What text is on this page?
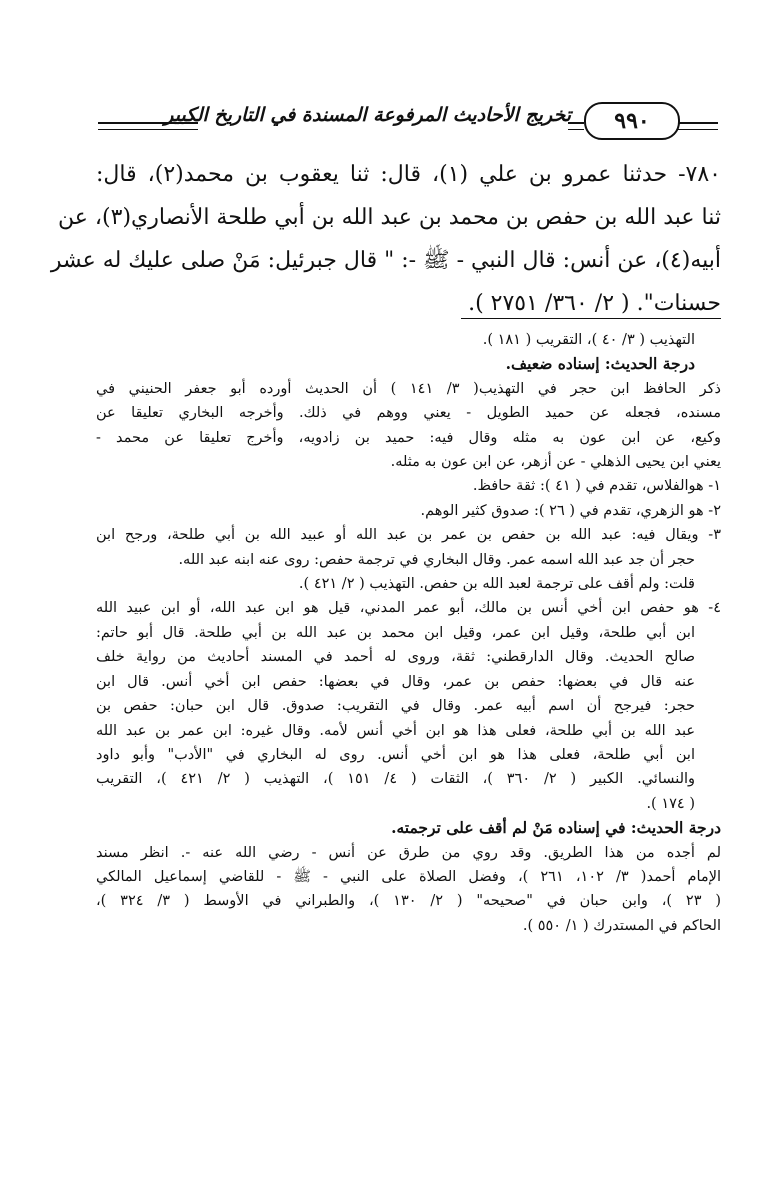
تخريج الأحاديث المرفوعة المسندة في التاريخ الكبير	٩٩٠
٧٨٠- حدثنا عمرو بن علي (١)، قال: ثنا يعقوب بن محمد(٢)، قال:
ثنا عبد الله بن حفص بن محمد بن عبد الله بن أبي طلحة الأنصاري(٣)، عن
أبيه(٤)، عن أنس: قال النبي - ﷺ -: " قال جبرئيل: مَنْ صلى عليك له عشر
حسنات". ( ٢/ ٣٦٠/ ٢٧٥١ ).
التهذيب ( ٣/ ٤٠ )، التقريب ( ١٨١ ).
درجة الحديث: إسناده ضعيف.
ذكر الحافظ ابن حجر في التهذيب( ٣/ ١٤١ ) أن الحديث أورده أبو جعفر الحنيني في
مسنده، فجعله عن حميد الطويل - يعني ووهم في ذلك. وأخرجه البخاري تعليقا عن
وكيع، عن ابن عون به مثله وقال فيه: حميد بن زادويه، وأخرج تعليقا عن محمد -
يعني ابن يحيى الذهلي - عن أزهر، عن ابن عون به مثله.
١- هوالفلاس، تقدم في ( ٤١ ): ثقة حافظ.
٢- هو الزهري، تقدم في ( ٢٦ ): صدوق كثير الوهم.
٣- ويقال فيه: عبد الله بن حفص بن عمر بن عبد الله أو عبيد الله بن أبي طلحة، ورجح ابن
حجر أن جد عبد الله اسمه عمر. وقال البخاري في ترجمة حفص: روى عنه ابنه عبد الله.
قلت: ولم أقف على ترجمة لعبد الله بن حفص. التهذيب ( ٢/ ٤٢١ ).
٤- هو حفص ابن أخي أنس بن مالك، أبو عمر المدني، قيل هو ابن عبد الله، أو ابن عبيد الله
ابن أبي طلحة، وقيل ابن عمر، وقيل ابن محمد بن عبد الله بن أبي طلحة. قال أبو حاتم:
صالح الحديث. وقال الدارقطني: ثقة، وروى له أحمد في المسند أحاديث من رواية خلف
عنه قال في بعضها: حفص بن عمر، وقال في بعضها: حفص ابن أخي أنس. قال ابن
حجر: فيرجح أن اسم أبيه عمر. وقال في التقريب: صدوق. قال ابن حبان: حفص بن
عبد الله بن أبي طلحة، فعلى هذا هو ابن أخي أنس لأمه. وقال غيره: ابن عمر بن عبد الله
ابن أبي طلحة، فعلى هذا هو ابن أخي أنس. روى له البخاري في "الأدب" وأبو داود
والنسائي. الكبير ( ٢/ ٣٦٠ )، الثقات ( ٤/ ١٥١ )، التهذيب ( ٢/ ٤٢١ )، التقريب
( ١٧٤ ).
درجة الحديث: في إسناده مَنْ لم أقف على ترجمته.
لم أجده من هذا الطريق. وقد روي من طرق عن أنس - رضي الله عنه -. انظر مسند
الإمام أحمد( ٣/ ١٠٢، ٢٦١ )، وفضل الصلاة على النبي - ﷺ - للقاضي إسماعيل المالكي
( ٢٣ )، وابن حبان في "صحيحه" ( ٢/ ١٣٠ )، والطبراني في الأوسط ( ٣/ ٣٢٤ )،
الحاكم في المستدرك ( ١/ ٥٥٠ ).
